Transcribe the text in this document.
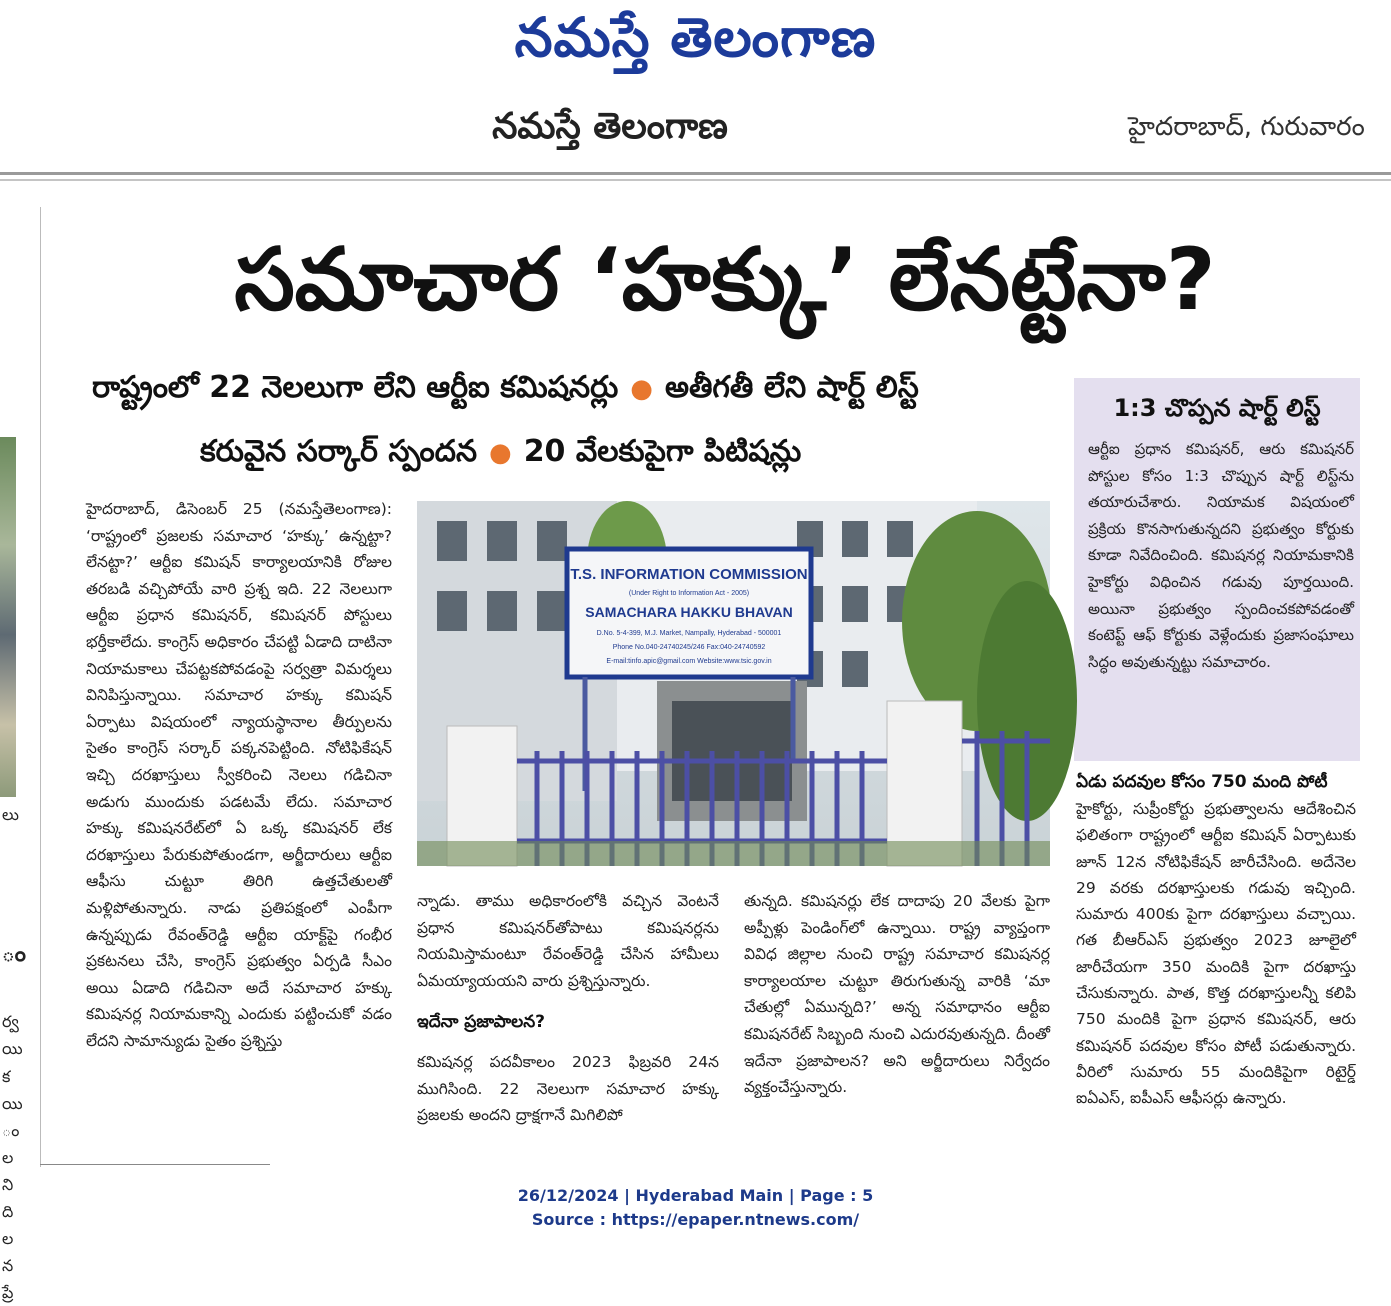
నమస్తే తెలంగాణ
నమస్తే తెలంగాణ	హైదరాబాద్, గురువారం
లు
ం
ర్వ
యి
క
యి
ం
ల
ని
ది
ల
న
ప్రే
సమాచార ‘హక్కు’ లేనట్టేనా?
రాష్ట్రంలో 22 నెలలుగా లేని ఆర్టీఐ కమిషనర్లు ● అతీగతీ లేని షార్ట్ లిస్ట్
కరువైన సర్కార్ స్పందన ● 20 వేలకుపైగా పిటిషన్లు
1:3 చొప్పన షార్ట్ లిస్ట్
ఆర్టీఐ ప్రధాన కమిషనర్, ఆరు కమిషనర్ పోస్టుల కోసం 1:3 చొప్పున షార్ట్ లిస్ట్‌ను తయారుచేశారు. నియామక విషయంలో ప్రక్రియ కొనసాగుతున్నదని ప్రభుత్వం కోర్టుకు కూడా నివేదించింది. కమిషనర్ల నియామకానికి హైకోర్టు విధించిన గడువు పూర్తయింది. అయినా ప్రభుత్వం స్పందించకపోవడంతో కంటెప్ట్ ఆఫ్ కోర్టుకు వెళ్లేందుకు ప్రజాసంఘాలు సిద్ధం అవుతున్నట్టు సమాచారం.
ఏడు పదవుల కోసం 750 మంది పోటీ
హైకోర్టు, సుప్రీంకోర్టు ప్రభుత్వాలను ఆదేశించిన ఫలితంగా రాష్ట్రంలో ఆర్టీఐ కమిషన్ ఏర్పాటుకు జూన్ 12న నోటిఫికేషన్ జారీచేసింది. అదేనెల 29 వరకు దరఖాస్తులకు గడువు ఇచ్చింది. సుమారు 400కు పైగా దరఖాస్తులు వచ్చాయి. గత బీఆర్‌ఎస్ ప్రభుత్వం 2023 జూలైలో జారీచేయగా 350 మందికి పైగా దరఖాస్తు చేసుకున్నారు. పాత, కొత్త దరఖాస్తులన్నీ కలిపి 750 మందికి పైగా ప్రధాన కమిషనర్, ఆరు కమిషనర్ పదవుల కోసం పోటీ పడుతున్నారు. వీరిలో సుమారు 55 మందికిపైగా రిటైర్డ్ ఐఏఎస్, ఐపీఎస్ ఆఫీసర్లు ఉన్నారు.
హైదరాబాద్, డిసెంబర్ 25 (నమస్తేతెలంగాణ): ‘రాష్ట్రంలో ప్రజలకు సమాచార ‘హక్కు’ ఉన్నట్టా? లేనట్టా?’ ఆర్టీఐ కమిషన్ కార్యాలయానికి రోజుల తరబడి వచ్చిపోయే వారి ప్రశ్న ఇది. 22 నెలలుగా ఆర్టీఐ ప్రధాన కమిషనర్, కమిషనర్ పోస్టులు భర్తీకాలేదు. కాంగ్రెస్ అధికారం చేపట్టి ఏడాది దాటినా నియామకాలు చేపట్టకపోవడంపై సర్వత్రా విమర్శలు వినిపిస్తున్నాయి. సమాచార హక్కు కమిషన్ ఏర్పాటు విషయంలో న్యాయస్థానాల తీర్పులను సైతం కాంగ్రెస్ సర్కార్ పక్కనపెట్టింది. నోటిఫికేషన్ ఇచ్చి దరఖాస్తులు స్వీకరించి నెలలు గడిచినా అడుగు ముందుకు పడటమే లేదు. సమాచార హక్కు కమిషనరేట్‌లో ఏ ఒక్క కమిషనర్ లేక దరఖాస్తులు పేరుకుపోతుండగా, అర్జీదారులు ఆర్టీఐ ఆఫీసు చుట్టూ తిరిగి ఉత్తచేతులతో మళ్లిపోతున్నారు. నాడు ప్రతిపక్షంలో ఎంపీగా ఉన్నప్పుడు రేవంత్‌రెడ్డి ఆర్టీఐ యాక్ట్‌పై గంభీర ప్రకటనలు చేసి, కాంగ్రెస్ ప్రభుత్వం ఏర్పడి సీఎం అయి ఏడాది గడిచినా అదే సమాచార హక్కు కమిషనర్ల నియామకాన్ని ఎందుకు పట్టించుకో వడం లేదని సామాన్యుడు సైతం ప్రశ్నిస్తు
T.S. INFORMATION COMMISSION
(Under Right to Information Act - 2005)
SAMACHARA HAKKU BHAVAN
D.No. 5-4-399, M.J. Market, Nampally, Hyderabad - 500001
Phone No.040-24740245/246 Fax:040-24740592
E-mail:tinfo.apic@gmail.com Website:www.tsic.gov.in
న్నాడు. తాము అధికారంలోకి వచ్చిన వెంటనే ప్రధాన కమిషనర్‌తోపాటు కమిషనర్లను నియమిస్తామంటూ రేవంత్‌రెడ్డి చేసిన హామీలు ఏమయ్యాయయని వారు ప్రశ్నిస్తున్నారు.
ఇదేనా ప్రజాపాలన?
కమిషనర్ల పదవీకాలం 2023 ఫిబ్రవరి 24న ముగిసింది. 22 నెలలుగా సమాచార హక్కు ప్రజలకు అందని ద్రాక్షగానే మిగిలిపో
తున్నది. కమిషనర్లు లేక దాదాపు 20 వేలకు పైగా అప్పీళ్లు పెండింగ్‌లో ఉన్నాయి. రాష్ట్ర వ్యాప్తంగా వివిధ జిల్లాల నుంచి రాష్ట్ర సమాచార కమిషనర్ల కార్యాలయాల చుట్టూ తిరుగుతున్న వారికి ‘మా చేతుల్లో ఏమున్నది?’ అన్న సమాధానం ఆర్టీఐ కమిషనరేట్ సిబ్బంది నుంచి ఎదురవుతున్నది. దీంతో ఇదేనా ప్రజాపాలన? అని అర్జీదారులు నిర్వేదం వ్యక్తంచేస్తున్నారు.
26/12/2024 | Hyderabad Main | Page : 5
Source : https://epaper.ntnews.com/
